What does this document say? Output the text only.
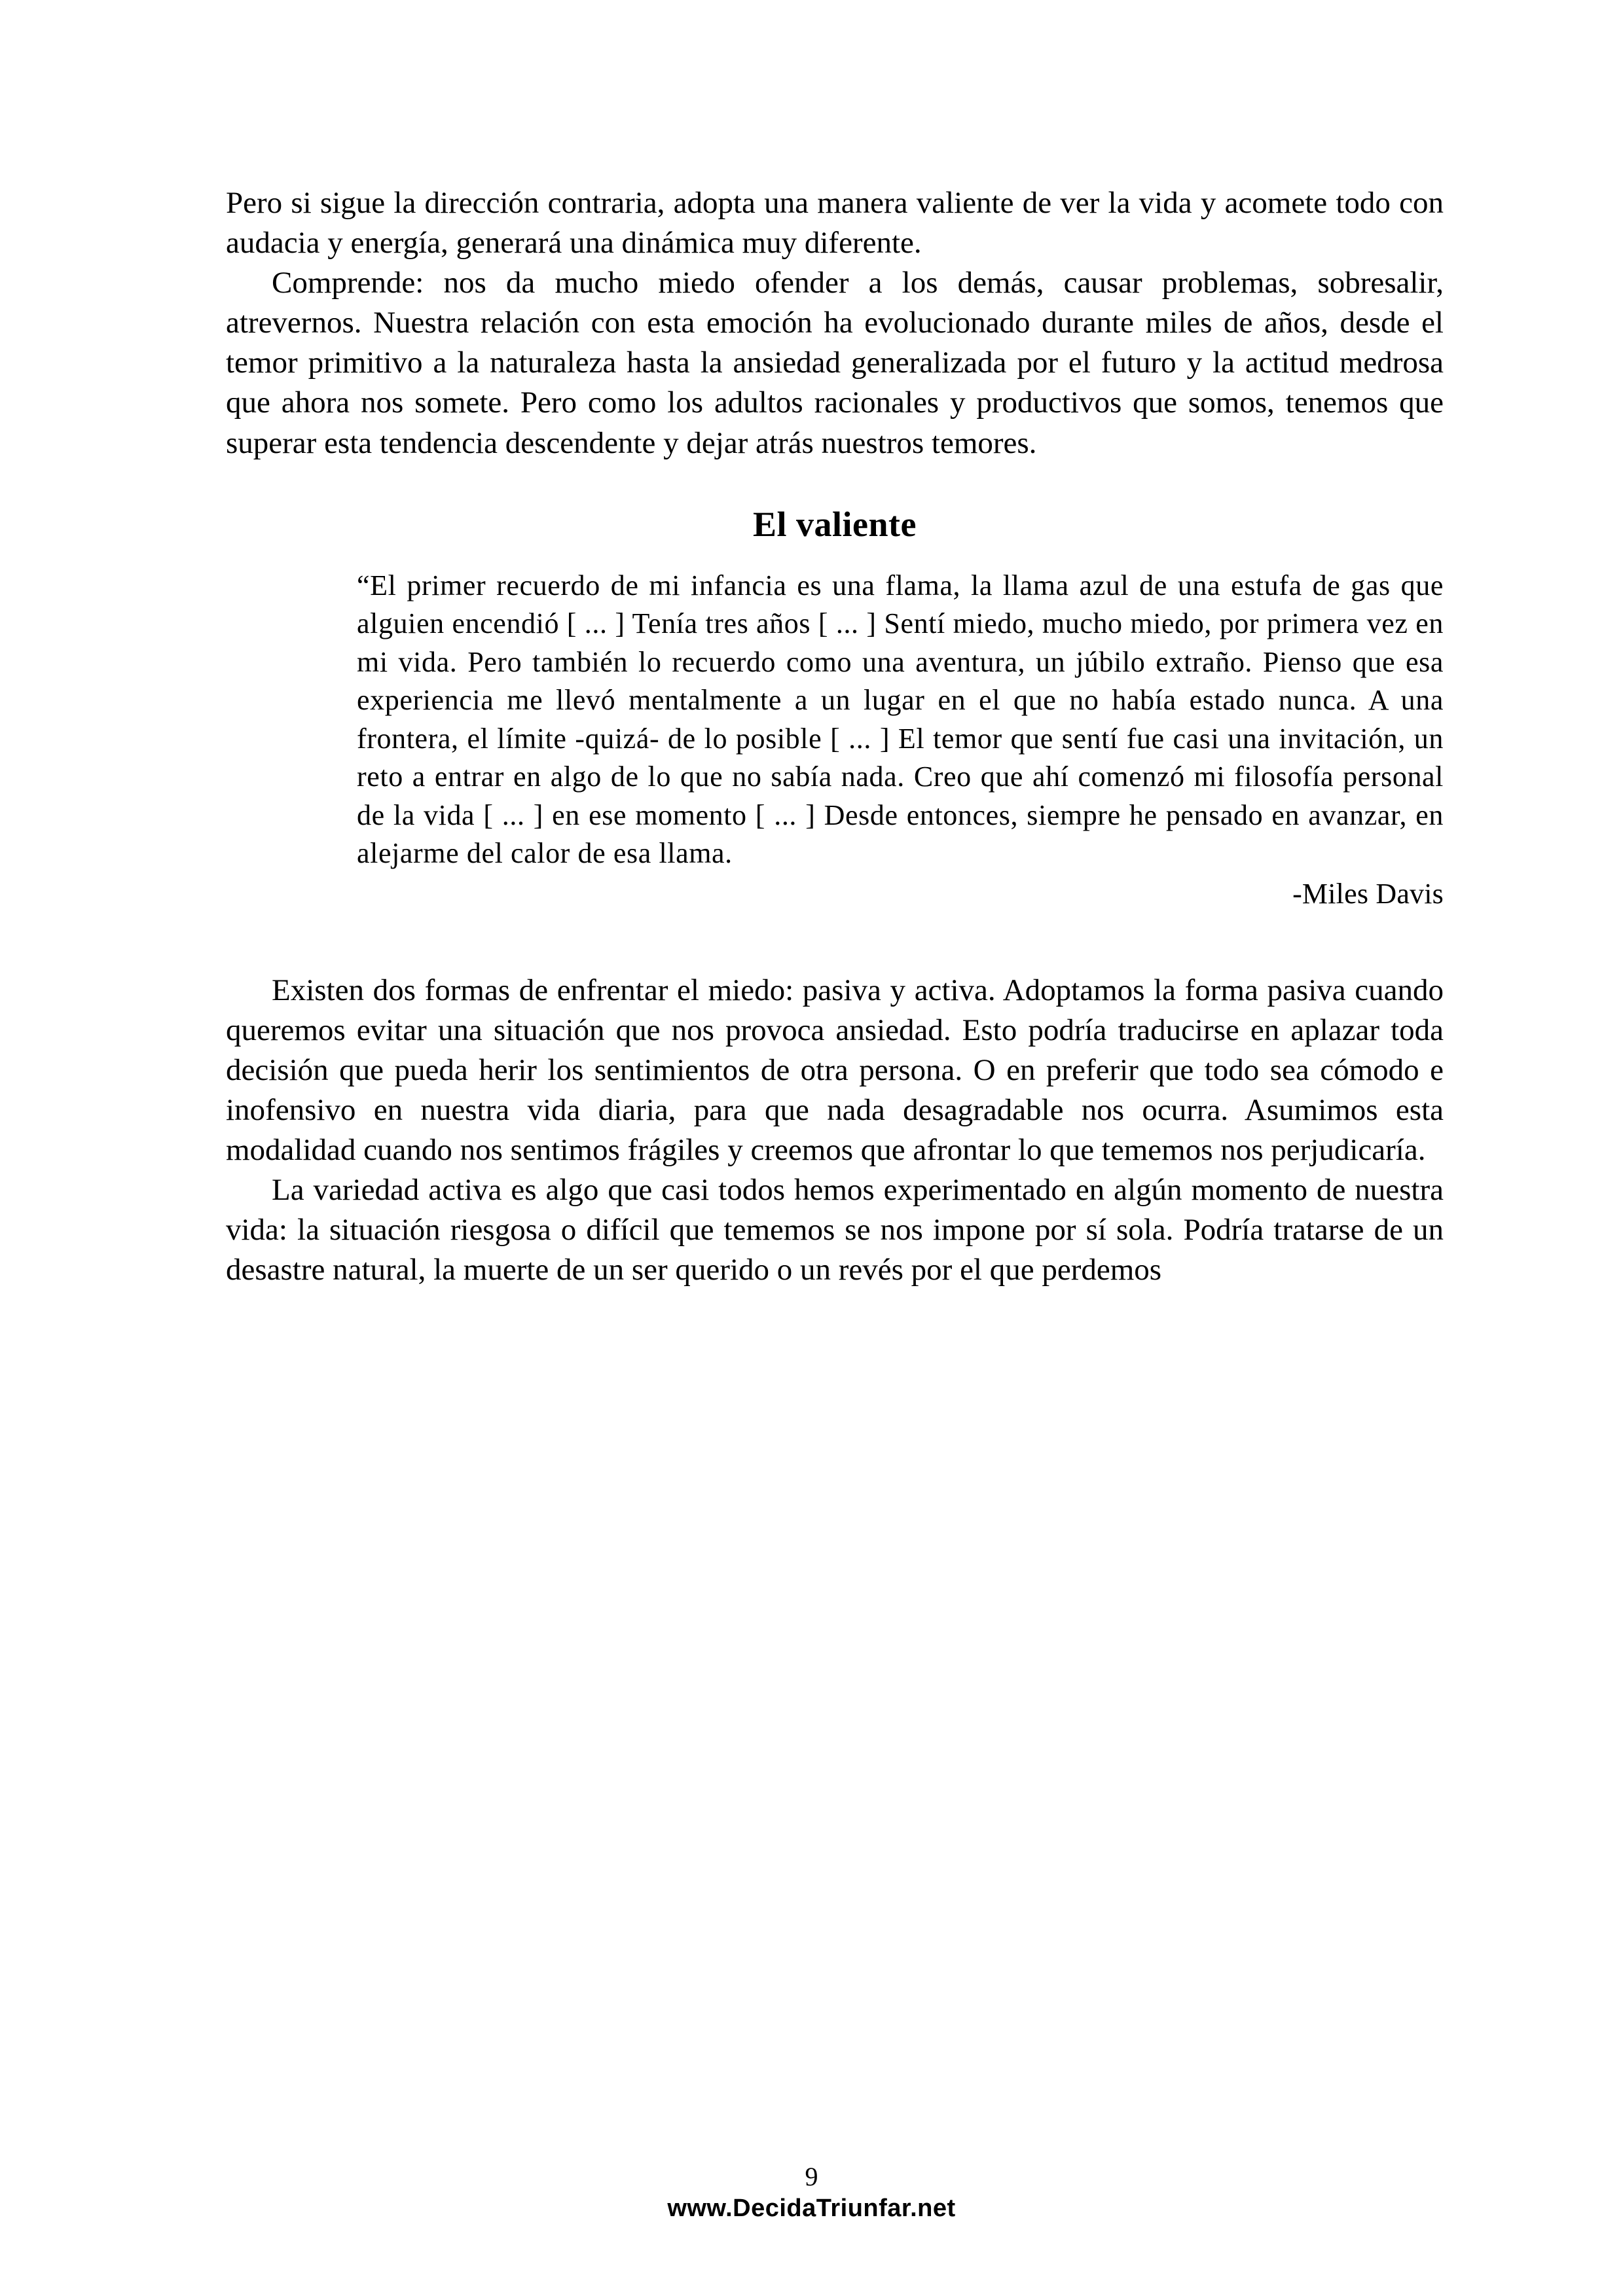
Pero si sigue la dirección contraria, adopta una manera valiente de ver la vida y acomete todo con audacia y energía, generará una dinámica muy diferente.

Comprende: nos da mucho miedo ofender a los demás, causar problemas, sobresalir, atrevernos. Nuestra relación con esta emoción ha evolucionado durante miles de años, desde el temor primitivo a la naturaleza hasta la ansiedad generalizada por el futuro y la actitud medrosa que ahora nos somete. Pero como los adultos racionales y productivos que somos, tenemos que superar esta tendencia descendente y dejar atrás nuestros temores.

El valiente

“El primer recuerdo de mi infancia es una flama, la llama azul de una estufa de gas que alguien encendió [ ... ] Tenía tres años [ ... ] Sentí miedo, mucho miedo, por primera vez en mi vida. Pero también lo recuerdo como una aventura, un júbilo extraño. Pienso que esa experiencia me llevó mentalmente a un lugar en el que no había estado nunca. A una frontera, el límite -quizá- de lo posible [ ... ] El temor que sentí fue casi una invitación, un reto a entrar en algo de lo que no sabía nada. Creo que ahí comenzó mi filosofía personal de la vida [ ... ] en ese momento [ ... ] Desde entonces, siempre he pensado en avanzar, en alejarme del calor de esa llama.

-Miles Davis

Existen dos formas de enfrentar el miedo: pasiva y activa. Adoptamos la forma pasiva cuando queremos evitar una situación que nos provoca ansiedad. Esto podría traducirse en aplazar toda decisión que pueda herir los sentimientos de otra persona. O en preferir que todo sea cómodo e inofensivo en nuestra vida diaria, para que nada desagradable nos ocurra. Asumimos esta modalidad cuando nos sentimos frágiles y creemos que afrontar lo que tememos nos perjudicaría.

La variedad activa es algo que casi todos hemos experimentado en algún momento de nuestra vida: la situación riesgosa o difícil que tememos se nos impone por sí sola. Podría tratarse de un desastre natural, la muerte de un ser querido o un revés por el que perdemos

9
www.DecidaTriunfar.net
